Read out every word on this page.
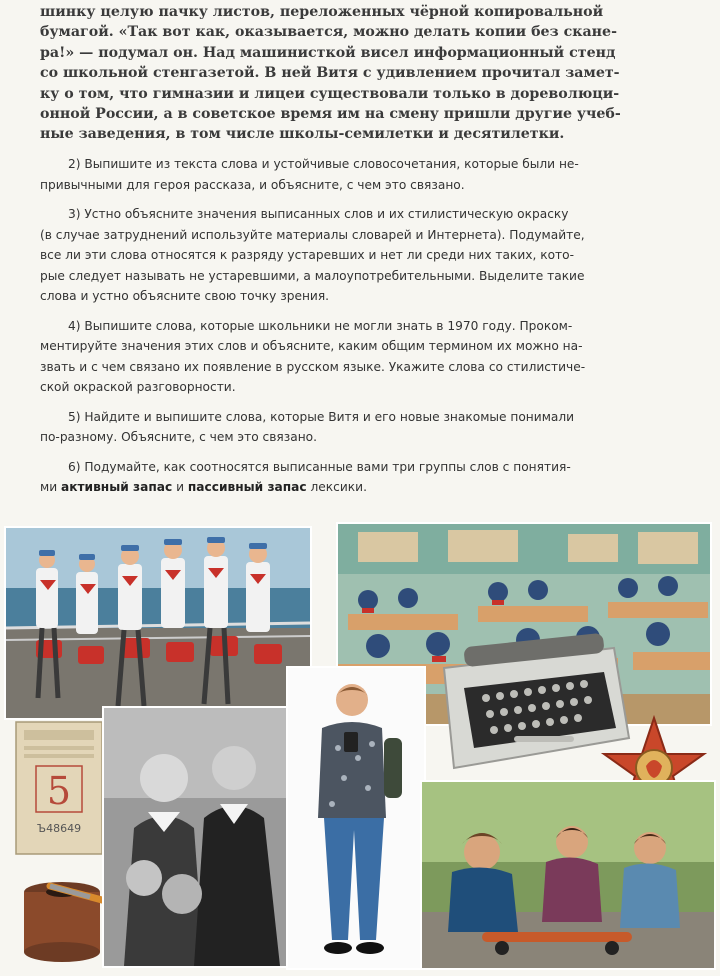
шинку целую пачку листов, переложенных чёрной копировальной
бумагой. «Так вот как, оказывается, можно делать копии без скане-
ра!» — подумал он. Над машинисткой висел информационный стенд
со школьной стенгазетой. В ней Витя с удивлением прочитал замет-
ку о том, что гимназии и лицеи существовали только в дореволюци-
онной России, а в советское время им на смену пришли другие учеб-
ные заведения, в том числе школы-семилетки и десятилетки.
2) Выпишите из текста слова и устойчивые словосочетания, которые были не-
привычными для героя рассказа, и объясните, с чем это связано.
3) Устно объясните значения выписанных слов и их стилистическую окраску
(в случае затруднений используйте материалы словарей и Интернета). Подумайте,
все ли эти слова относятся к разряду устаревших и нет ли среди них таких, кото-
рые следует называть не устаревшими, а малоупотребительными. Выделите такие
слова и устно объясните свою точку зрения.
4) Выпишите слова, которые школьники не могли знать в 1970 году. Проком-
ментируйте значения этих слов и объясните, каким общим термином их можно на-
звать и с чем связано их появление в русском языке. Укажите слова со стилистиче-
ской окраской разговорности.
5) Найдите и выпишите слова, которые Витя и его новые знакомые понимали
по-разному. Объясните, с чем это связано.
6) Подумайте, как соотносятся выписанные вами три группы слов с понятия-
ми активный запас и пассивный запас лексики.
5
Ъ48649
